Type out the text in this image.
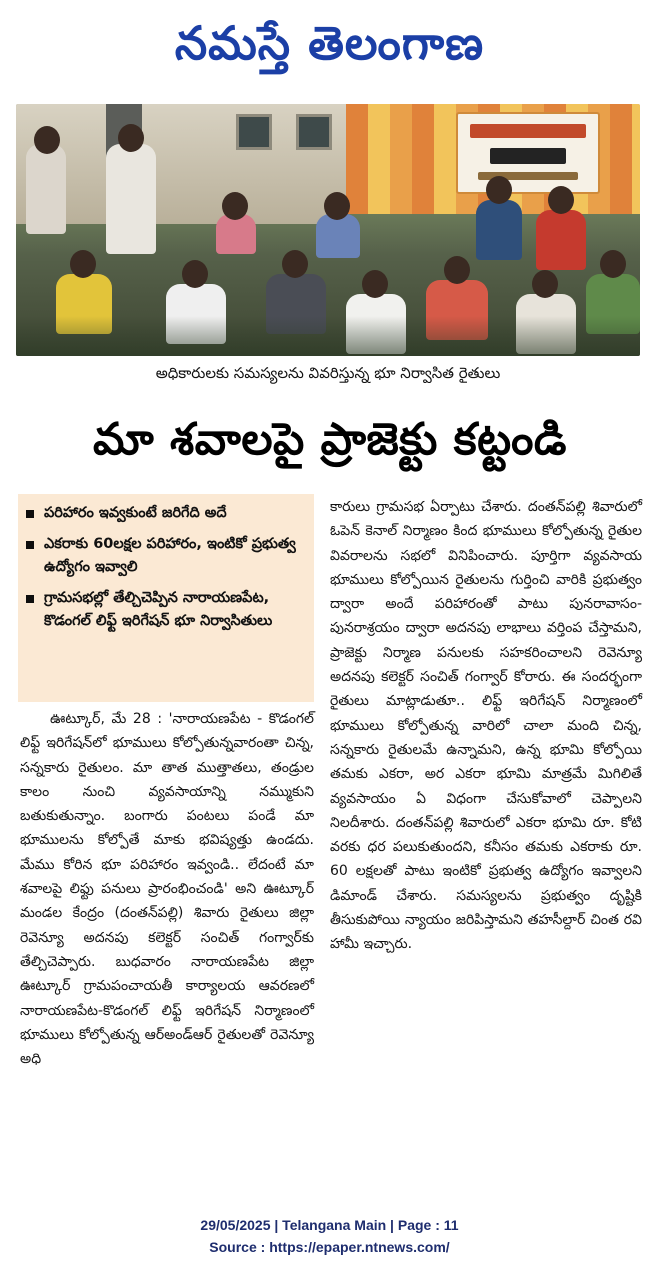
నమస్తే తెలంగాణ
అధికారులకు సమస్యలను వివరిస్తున్న భూ నిర్వాసిత రైతులు
మా శవాలపై ప్రాజెక్టు కట్టండి
పరిహారం ఇవ్వకుంటే జరిగేది అదే
ఎకరాకు 60లక్షల పరిహారం, ఇంటికో ప్రభుత్వ ఉద్యోగం ఇవ్వాలి
గ్రామసభల్లో తేల్చిచెప్పిన నారాయణపేట, కొడంగల్ లిఫ్ట్ ఇరిగేషన్ భూ నిర్వాసితులు

ఊట్కూర్, మే 28 : 'నారాయణపేట - కొడంగల్ లిఫ్ట్ ఇరిగేషన్‌లో భూములు కోల్పోతున్నవారంతా చిన్న, సన్నకారు రైతులం. మా తాత ముత్తాతలు, తండ్రుల కాలం నుంచి వ్యవసాయాన్ని నమ్ముకుని బతుకుతున్నాం. బంగారు పంటలు పండే మా భూములను కోల్పోతే మాకు భవిష్యత్తు ఉండదు. మేము కోరిన భూ పరిహారం ఇవ్వండి.. లేదంటే మా శవాలపై లిఫ్టు పనులు ప్రారంభించండి' అని ఊట్కూర్ మండల కేంద్రం (దంతన్‌పల్లి) శివారు రైతులు జిల్లా రెవెన్యూ అదనపు కలెక్టర్ సంచిత్ గంగ్వార్‌కు తేల్చిచెప్పారు. బుధవారం నారాయణపేట జిల్లా ఊట్కూర్ గ్రామపంచాయతీ కార్యాలయ ఆవరణలో నారాయణపేట-కొడంగల్ లిఫ్ట్ ఇరిగేషన్ నిర్మాణంలో భూములు కోల్పోతున్న ఆర్‌అండ్ఆర్ రైతులతో రెవెన్యూ అధి

కారులు గ్రామసభ ఏర్పాటు చేశారు. దంతన్‌పల్లి శివారులో ఓపెన్ కెనాల్ నిర్మాణం కింద భూములు కోల్పోతున్న రైతుల వివరాలను సభలో వినిపించారు. పూర్తిగా వ్యవసాయ భూములు కోల్పోయిన రైతులను గుర్తించి వారికి ప్రభుత్వం ద్వారా అందే పరిహారంతో పాటు పునరావాసం-పునరాశ్రయం ద్వారా అదనపు లాభాలు వర్తింప చేస్తామని, ప్రాజెక్టు నిర్మాణ పనులకు సహకరించాలని రెవెన్యూ అదనపు కలెక్టర్ సంచిత్ గంగ్వార్ కోరారు. ఈ సందర్భంగా రైతులు మాట్లాడుతూ.. లిఫ్ట్ ఇరిగేషన్ నిర్మాణంలో భూములు కోల్పోతున్న వారిలో చాలా మంది చిన్న, సన్నకారు రైతులమే ఉన్నామని, ఉన్న భూమి కోల్పోయి తమకు ఎకరా, అర ఎకరా భూమి మాత్రమే మిగిలితే వ్యవసాయం ఏ విధంగా చేసుకోవాలో చెప్పాలని నిలదీశారు. దంతన్‌పల్లి శివారులో ఎకరా భూమి రూ. కోటి వరకు ధర పలుకుతుందని, కనీసం తమకు ఎకరాకు రూ. 60 లక్షలతో పాటు ఇంటికో ప్రభుత్వ ఉద్యోగం ఇవ్వాలని డిమాండ్ చేశారు. సమస్యలను ప్రభుత్వం దృష్టికి తీసుకుపోయి న్యాయం జరిపిస్తామని తహసీల్దార్ చింత రవి హామీ ఇచ్చారు.

29/05/2025 | Telangana Main | Page : 11
Source : https://epaper.ntnews.com/
